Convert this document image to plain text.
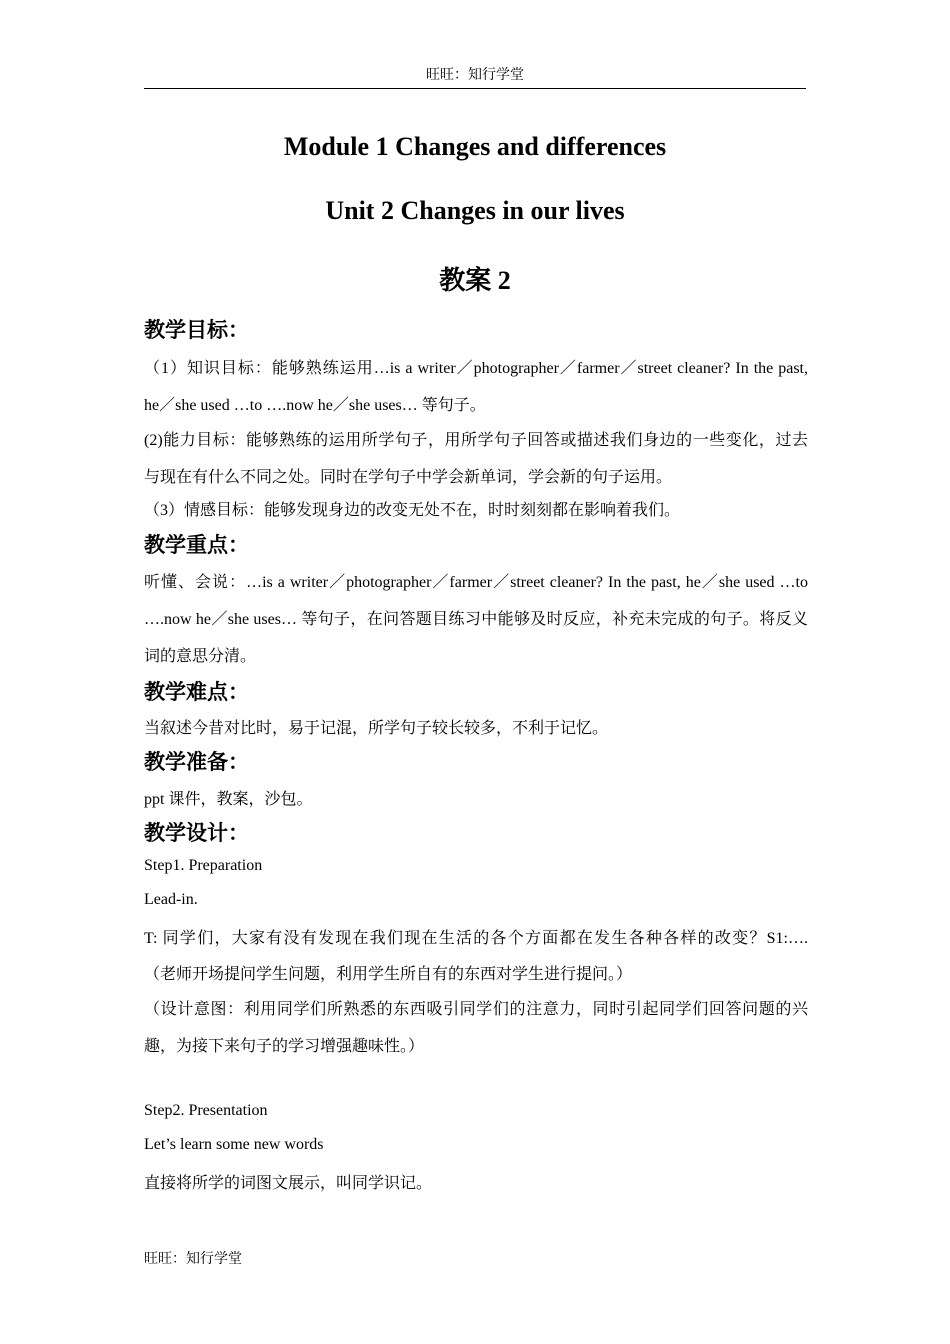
旺旺：知行学堂
Module 1 Changes and differences
Unit 2 Changes in our lives
教案 2
教学目标：
（1）知识目标：能够熟练运用…is a writer／photographer／farmer／street cleaner? In the past,
he／she used …to ….now he／she uses… 等句子。
(2)能力目标：能够熟练的运用所学句子，用所学句子回答或描述我们身边的一些变化，过去
与现在有什么不同之处。同时在学句子中学会新单词，学会新的句子运用。
（3）情感目标：能够发现身边的改变无处不在，时时刻刻都在影响着我们。
教学重点：
听懂、会说：…is a writer／photographer／farmer／street cleaner? In the past, he／she used …to
….now he／she uses… 等句子，在问答题目练习中能够及时反应，补充未完成的句子。将反义
词的意思分清。
教学难点：
当叙述今昔对比时，易于记混，所学句子较长较多，不利于记忆。
教学准备：
ppt 课件，教案，沙包。
教学设计：
Step1. Preparation
Lead-in.
T: 同学们，大家有没有发现在我们现在生活的各个方面都在发生各种各样的改变？S1:….
（老师开场提问学生问题，利用学生所自有的东西对学生进行提问。）
（设计意图：利用同学们所熟悉的东西吸引同学们的注意力，同时引起同学们回答问题的兴
趣，为接下来句子的学习增强趣味性。）
Step2. Presentation
Let’s learn some new words
直接将所学的词图文展示，叫同学识记。
旺旺：知行学堂
